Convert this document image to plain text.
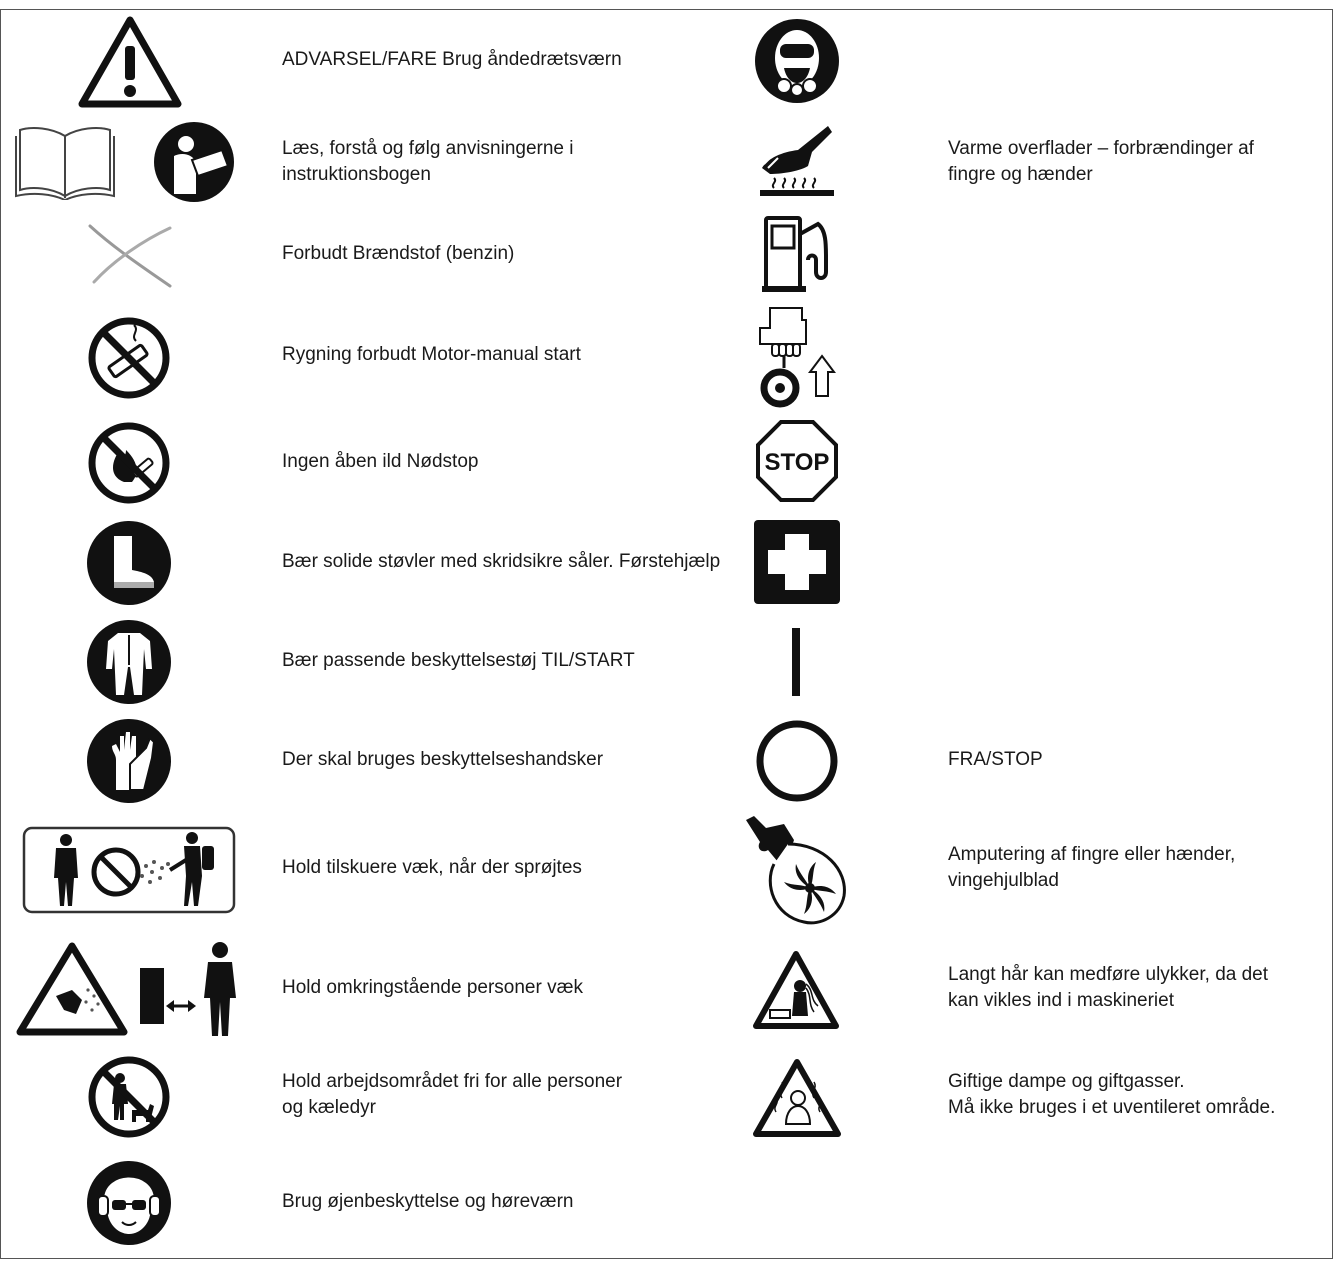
ADVARSEL/FARE Brug åndedrætsværn
Læs, forstå og følg anvisningerne i
instruktionsbogen
Forbudt Brændstof (benzin)
Rygning forbudt Motor-manual start
Ingen åben ild Nødstop
Bær solide støvler med skridsikre såler. Førstehjælp
Bær passende beskyttelsestøj TIL/START
Der skal bruges beskyttelseshandsker
Hold tilskuere væk, når der sprøjtes
Hold omkringstående personer væk
Hold arbejdsområdet fri for alle personer
og kæledyr
Brug øjenbeskyttelse og høreværn
STOP
Varme overflader – forbrændinger af
fingre og hænder
FRA/STOP
Amputering af fingre eller hænder,
vingehjulblad
Langt hår kan medføre ulykker, da det
kan vikles ind i maskineriet
Giftige dampe og giftgasser.
Må ikke bruges i et uventileret område.
